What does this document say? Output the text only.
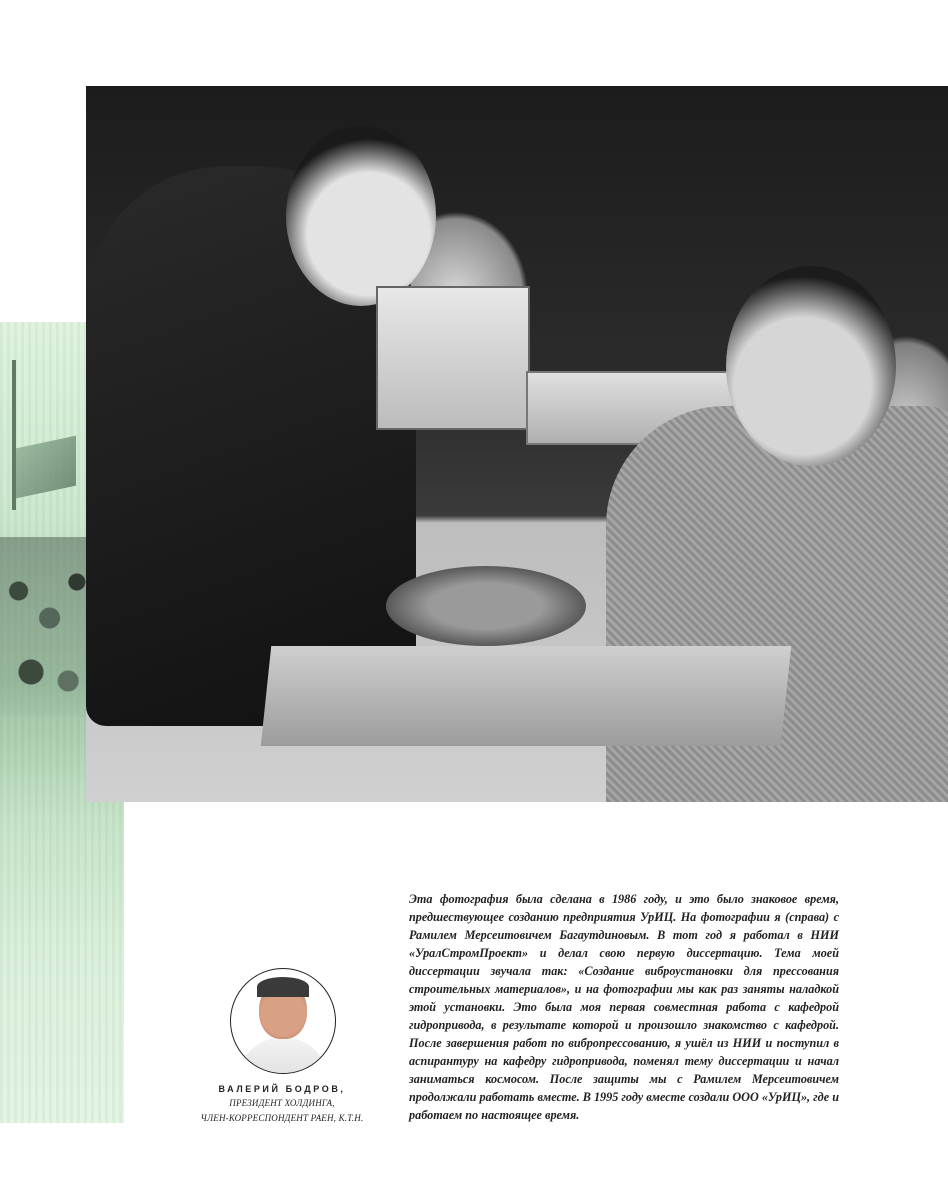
ВАЛЕРИЙ БОДРОВ,
ПРЕЗИДЕНТ ХОЛДИНГА,
ЧЛЕН-КОРРЕСПОНДЕНТ РАЕН, К.Т.Н.

Эта фотография была сделана в 1986 году, и это было знаковое время, предшествующее созданию предприятия УрИЦ. На фотографии я (справа) с Рамилем Мерсеитовичем Багаутдиновым. В тот год я работал в НИИ «УралСтромПроект» и делал свою первую диссертацию. Тема моей диссертации звучала так: «Создание виброустановки для прессования строительных материалов», и на фотографии мы как раз заняты наладкой этой установки. Это была моя первая совместная работа с кафедрой гидропривода, в результате которой и произошло знакомство с кафедрой. После завершения работ по вибропрессованию, я ушёл из НИИ и поступил в аспирантуру на кафедру гидропривода, поменял тему диссертации и начал заниматься космосом. После защиты мы с Рамилем Мерсеитовичем продолжали работать вместе. В 1995 году вместе создали ООО «УрИЦ», где и работаем по настоящее время.
